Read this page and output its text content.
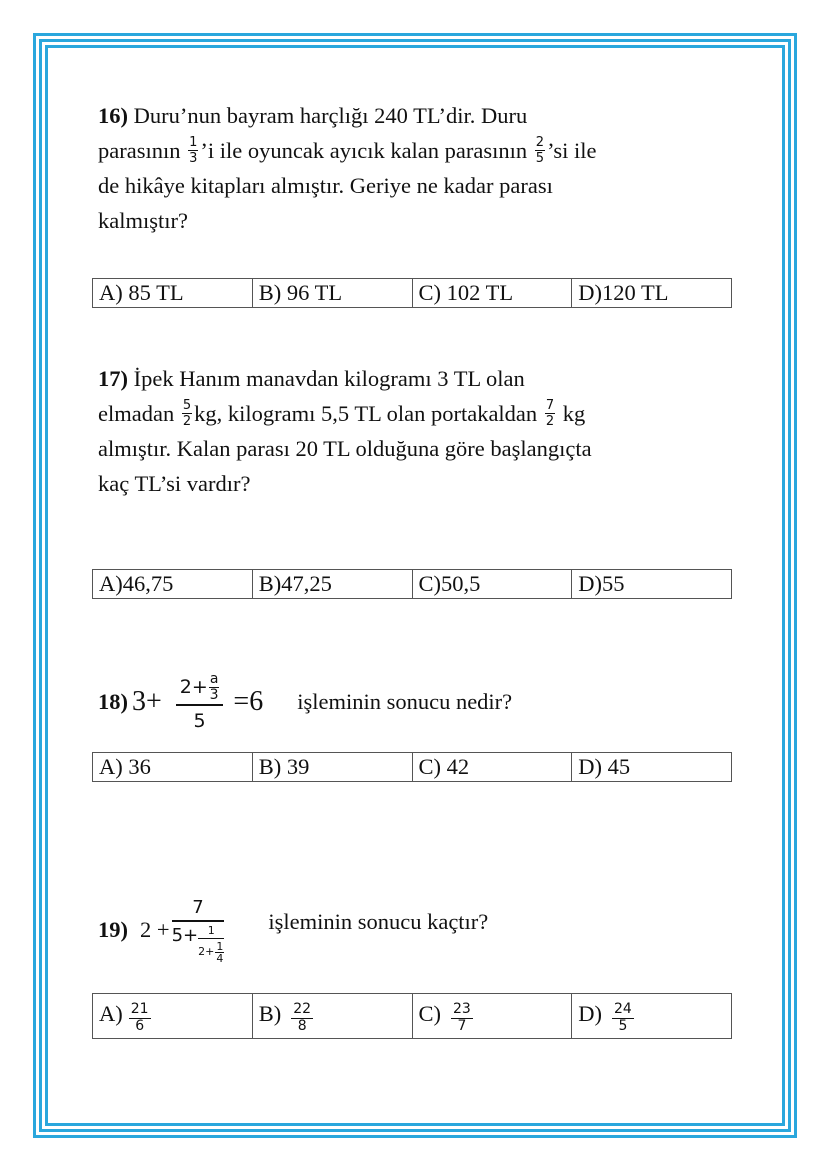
16) Duru’nun bayram harçlığı 240 TL’dir. Duru
parasının $\frac{1}{3}$ ’i ile oyuncak ayıcık kalan parasının $\frac{2}{5}$ ’si ile
de hikâye kitapları almıştır. Geriye ne kadar parası
kalmıştır?
A) 85 TL	B) 96 TL	C) 102 TL	D)120 TL
17) İpek Hanım manavdan kilogramı 3 TL olan
elmadan $\frac{5}{2}$ kg, kilogramı 5,5 TL olan portakaldan $\frac{7}{2}$ kg
almıştır. Kalan parası 20 TL olduğuna göre başlangıçta
kaç TL’si vardır?
A)46,75	B)47,25	C)50,5	D)55
18) $3+ \frac{2+ \frac{a}{3}}{5} =6$ işleminin sonucu nedir?
A) 36	B) 39	C) 42	D) 45
19) $2 + \frac{7}{5+ \frac{1}{2+ \frac{1}{4}}}$ işleminin sonucu kaçtır?
$A) \frac{21}{6}$	$B) \frac{22}{8}$	$C) \frac{23}{7}$	$D) \frac{24}{5}$
